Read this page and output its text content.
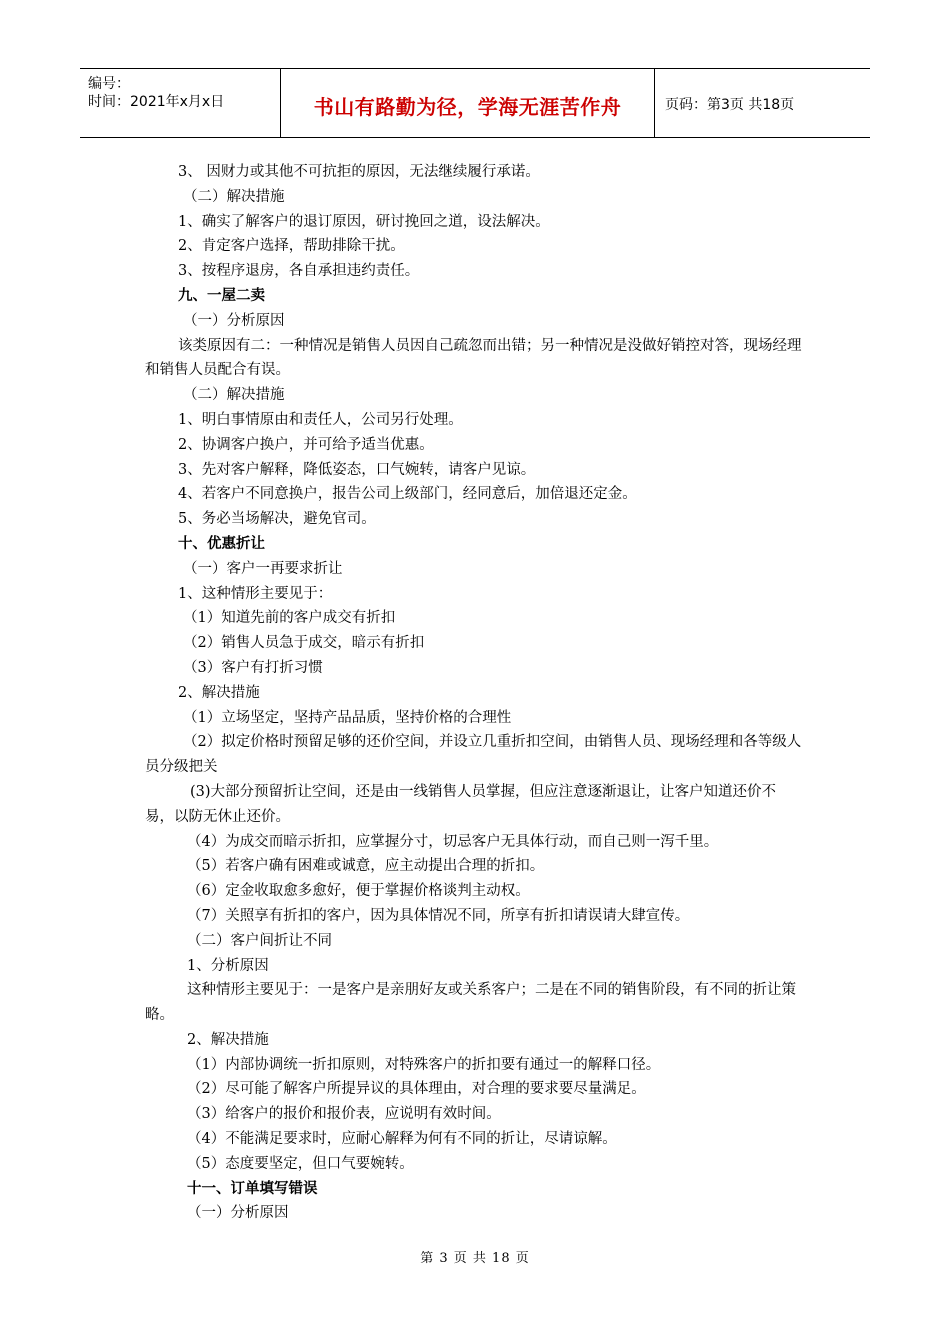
编号：
时间：2021年x月x日	书山有路勤为径，学海无涯苦作舟	页码：第3页 共18页

3、 因财力或其他不可抗拒的原因，无法继续履行承诺。

（二）解决措施

1、确实了解客户的退订原因，研讨挽回之道，设法解决。

2、肯定客户选择，帮助排除干扰。

3、按程序退房，各自承担违约责任。

九、一屋二卖

（一）分析原因

该类原因有二：一种情况是销售人员因自己疏忽而出错；另一种情况是没做好销控对答，现场经理和销售人员配合有误。

（二）解决措施

1、明白事情原由和责任人，公司另行处理。

2、协调客户换户，并可给予适当优惠。

3、先对客户解释，降低姿态，口气婉转，请客户见谅。

4、若客户不同意换户，报告公司上级部门，经同意后，加倍退还定金。

5、务必当场解决，避免官司。

十、优惠折让

（一）客户一再要求折让

1、这种情形主要见于：

（1）知道先前的客户成交有折扣

（2）销售人员急于成交，暗示有折扣

（3）客户有打折习惯

2、解决措施

（1）立场坚定，坚持产品品质，坚持价格的合理性

（2）拟定价格时预留足够的还价空间，并设立几重折扣空间，由销售人员、现场经理和各等级人员分级把关

(3)大部分预留折让空间，还是由一线销售人员掌握，但应注意逐渐退让，让客户知道还价不易，以防无休止还价。

（4）为成交而暗示折扣，应掌握分寸，切忌客户无具体行动，而自己则一泻千里。

（5）若客户确有困难或诚意，应主动提出合理的折扣。

（6）定金收取愈多愈好，便于掌握价格谈判主动权。

（7）关照享有折扣的客户，因为具体情况不同，所享有折扣请误请大肆宣传。

（二）客户间折让不同

1、分析原因

这种情形主要见于：一是客户是亲朋好友或关系客户；二是在不同的销售阶段，有不同的折让策略。

2、解决措施

（1）内部协调统一折扣原则，对特殊客户的折扣要有通过一的解释口径。

（2）尽可能了解客户所提异议的具体理由，对合理的要求要尽量满足。

（3）给客户的报价和报价表，应说明有效时间。

（4）不能满足要求时，应耐心解释为何有不同的折让，尽请谅解。

（5）态度要坚定，但口气要婉转。

十一、订单填写错误

（一）分析原因

第 3 页 共 18 页
